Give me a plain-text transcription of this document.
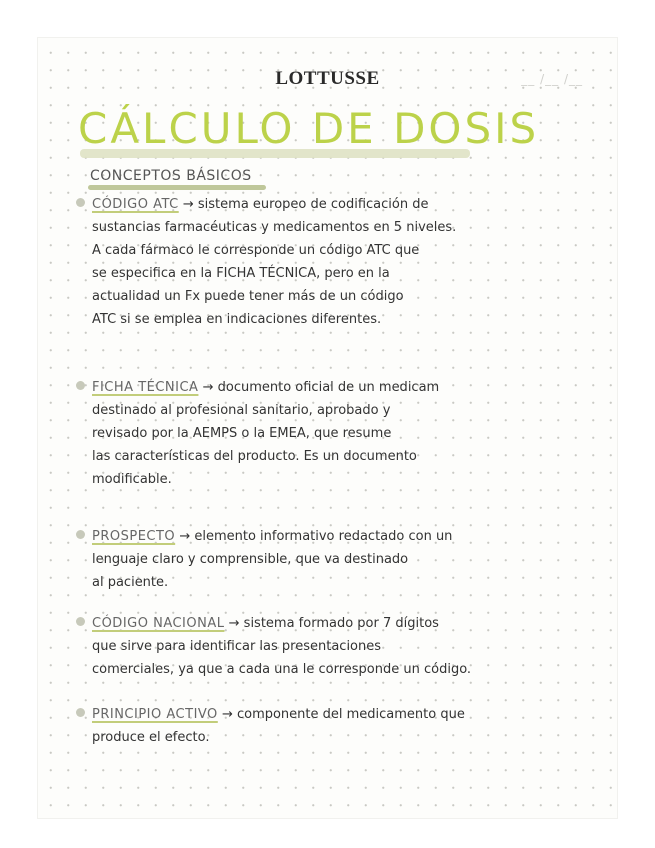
LOTTUSSE	__ /__ /__
CÁLCULO DE DOSIS
CONCEPTOS BÁSICOS
CÓDIGO ATC → sistema europeo de codificación de
sustancias farmacéuticas y medicamentos en 5 niveles.
A cada fármaco le corresponde un código ATC que
se especifica en la FICHA TÉCNICA, pero en la
actualidad un Fx puede tener más de un código
ATC si se emplea en indicaciones diferentes.
FICHA TÉCNICA → documento oficial de un medicam
destinado al profesional sanitario, aprobado y
revisado por la AEMPS o la EMEA, que resume
las características del producto. Es un documento
modificable.
PROSPECTO → elemento informativo redactado con un
lenguaje claro y comprensible, que va destinado
al paciente.
CÓDIGO NACIONAL → sistema formado por 7 dígitos
que sirve para identificar las presentaciones
comerciales, ya que a cada una le corresponde un código.
PRINCIPIO ACTIVO → componente del medicamento que
produce el efecto.
